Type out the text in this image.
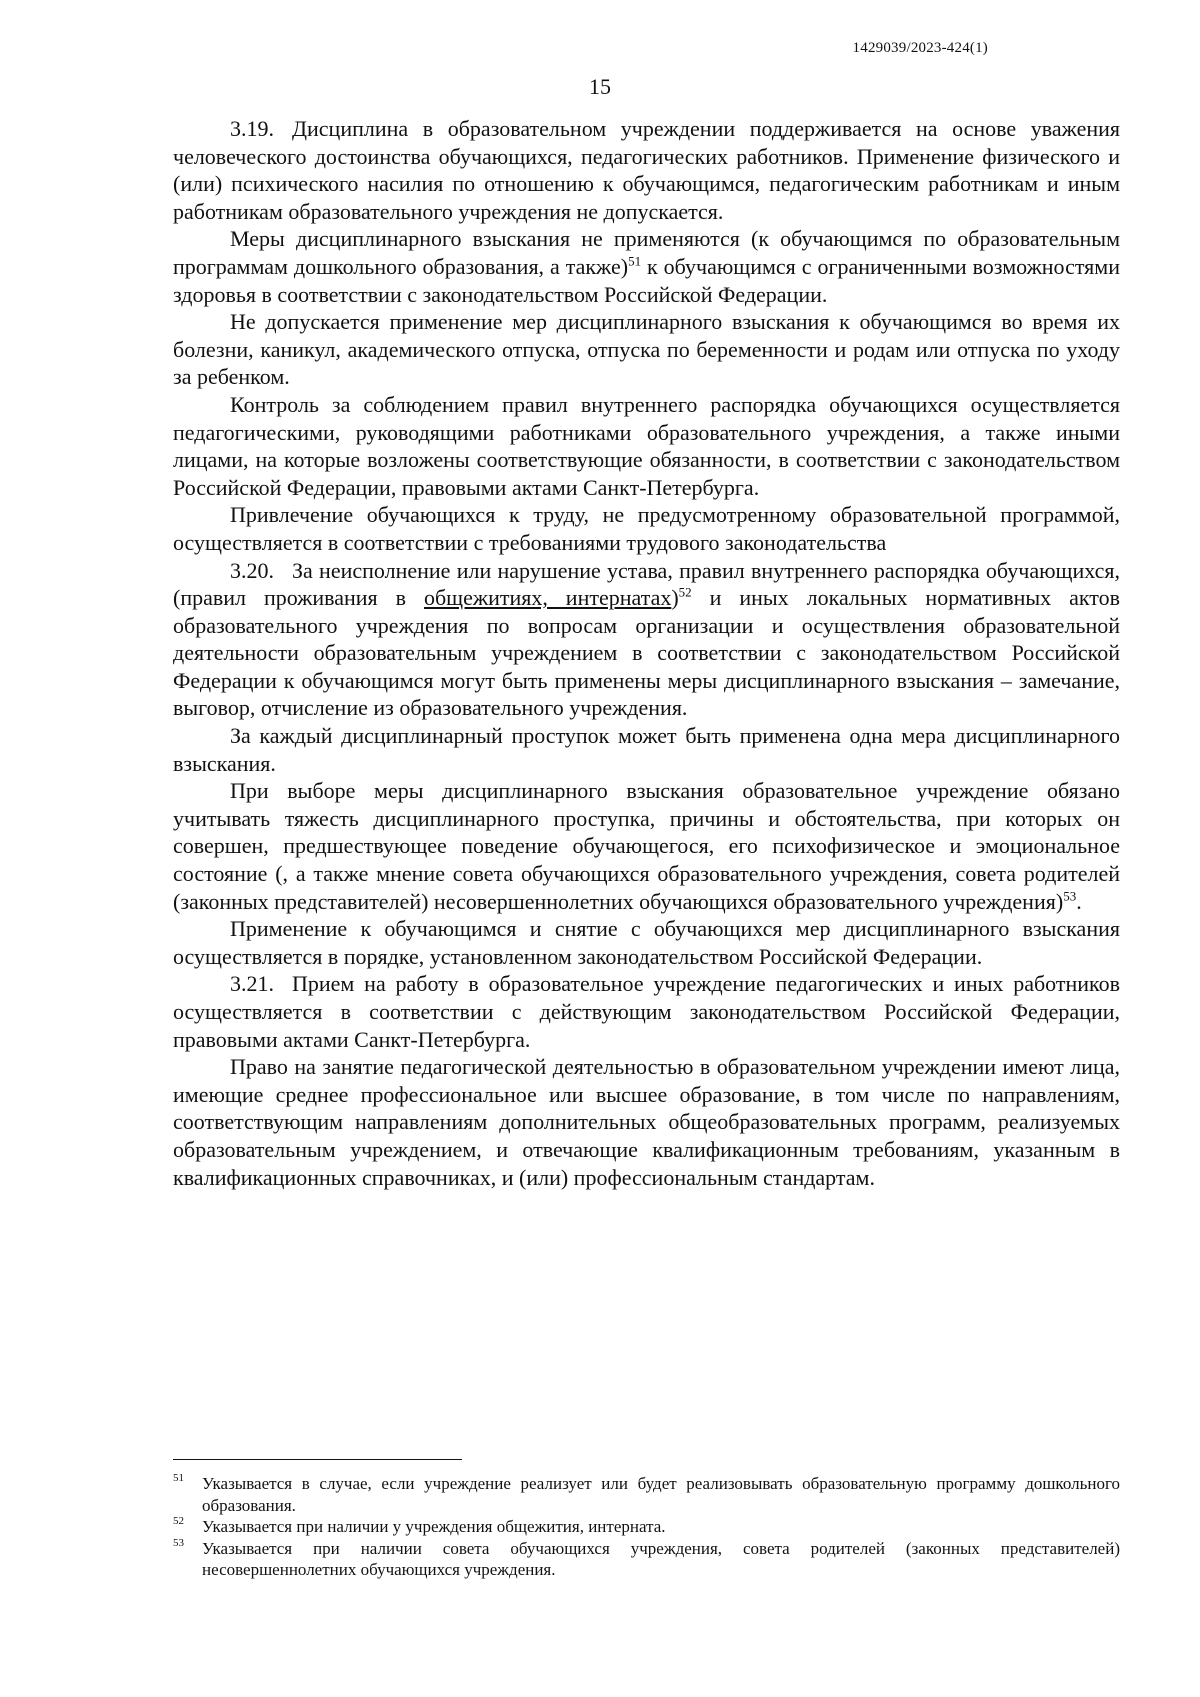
1429039/2023-424(1)
15

3.19. Дисциплина в образовательном учреждении поддерживается на основе уважения человеческого достоинства обучающихся, педагогических работников. Применение физического и (или) психического насилия по отношению к обучающимся, педагогическим работникам и иным работникам образовательного учреждения не допускается.

Меры дисциплинарного взыскания не применяются (к обучающимся по образовательным программам дошкольного образования, а также)$^{51}$ к обучающимся с ограниченными возможностями здоровья в соответствии с законодательством Российской Федерации.

Не допускается применение мер дисциплинарного взыскания к обучающимся во время их болезни, каникул, академического отпуска, отпуска по беременности и родам или отпуска по уходу за ребенком.

Контроль за соблюдением правил внутреннего распорядка обучающихся осуществляется педагогическими, руководящими работниками образовательного учреждения, а также иными лицами, на которые возложены соответствующие обязанности, в соответствии с законодательством Российской Федерации, правовыми актами Санкт-Петербурга.

Привлечение обучающихся к труду, не предусмотренному образовательной программой, осуществляется в соответствии с требованиями трудового законодательства

3.20. За неисполнение или нарушение устава, правил внутреннего распорядка обучающихся, (правил проживания в общежитиях, интернатах)$^{52}$ и иных локальных нормативных актов образовательного учреждения по вопросам организации и осуществления образовательной деятельности образовательным учреждением в соответствии с законодательством Российской Федерации к обучающимся могут быть применены меры дисциплинарного взыскания – замечание, выговор, отчисление из образовательного учреждения.

За каждый дисциплинарный проступок может быть применена одна мера дисциплинарного взыскания.

При выборе меры дисциплинарного взыскания образовательное учреждение обязано учитывать тяжесть дисциплинарного проступка, причины и обстоятельства, при которых он совершен, предшествующее поведение обучающегося, его психофизическое и эмоциональное состояние (, а также мнение совета обучающихся образовательного учреждения, совета родителей (законных представителей) несовершеннолетних обучающихся образовательного учреждения)$^{53}$.

Применение к обучающимся и снятие с обучающихся мер дисциплинарного взыскания осуществляется в порядке, установленном законодательством Российской Федерации.

3.21. Прием на работу в образовательное учреждение педагогических и иных работников осуществляется в соответствии с действующим законодательством Российской Федерации, правовыми актами Санкт-Петербурга.

Право на занятие педагогической деятельностью в образовательном учреждении имеют лица, имеющие среднее профессиональное или высшее образование, в том числе по направлениям, соответствующим направлениям дополнительных общеобразовательных программ, реализуемых образовательным учреждением, и отвечающие квалификационным требованиям, указанным в квалификационных справочниках, и (или) профессиональным стандартам.

51 Указывается в случае, если учреждение реализует или будет реализовывать образовательную программу дошкольного образования.

52 Указывается при наличии у учреждения общежития, интерната.

53 Указывается при наличии совета обучающихся учреждения, совета родителей (законных представителей) несовершеннолетних обучающихся учреждения.
